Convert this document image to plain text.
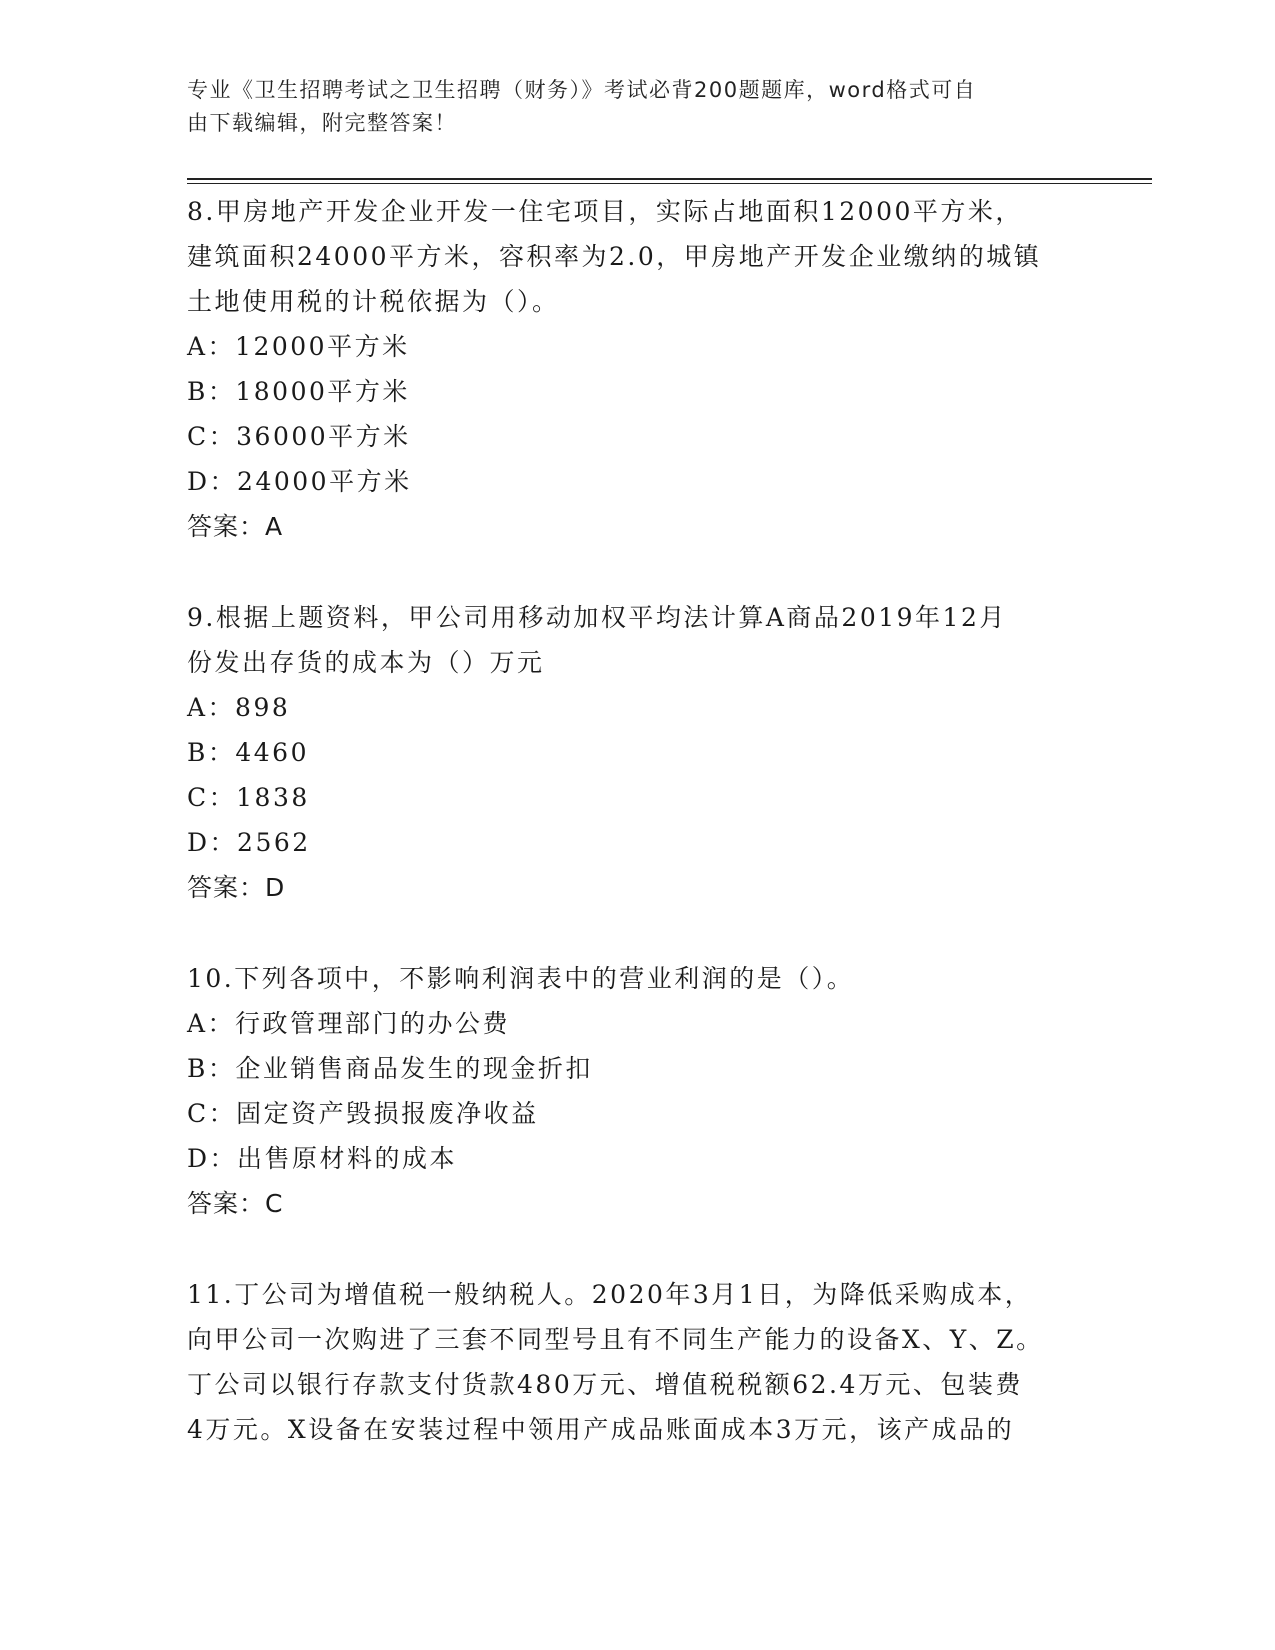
专业《卫生招聘考试之卫生招聘（财务）》考试必背200题题库，word格式可自
由下载编辑，附完整答案！

8.甲房地产开发企业开发一住宅项目，实际占地面积12000平方米，

建筑面积24000平方米，容积率为2.0，甲房地产开发企业缴纳的城镇

土地使用税的计税依据为（）。

A：12000平方米

B：18000平方米

C：36000平方米

D：24000平方米

答案：A

9.根据上题资料，甲公司用移动加权平均法计算A商品2019年12月

份发出存货的成本为（）万元

A：898

B：4460

C：1838

D：2562

答案：D

10.下列各项中，不影响利润表中的营业利润的是（）。

A：行政管理部门的办公费

B：企业销售商品发生的现金折扣

C：固定资产毁损报废净收益

D：出售原材料的成本

答案：C

11.丁公司为增值税一般纳税人。2020年3月1日，为降低采购成本，

向甲公司一次购进了三套不同型号且有不同生产能力的设备X、Y、Z。

丁公司以银行存款支付货款480万元、增值税税额62.4万元、包装费

4万元。X设备在安装过程中领用产成品账面成本3万元，该产成品的
